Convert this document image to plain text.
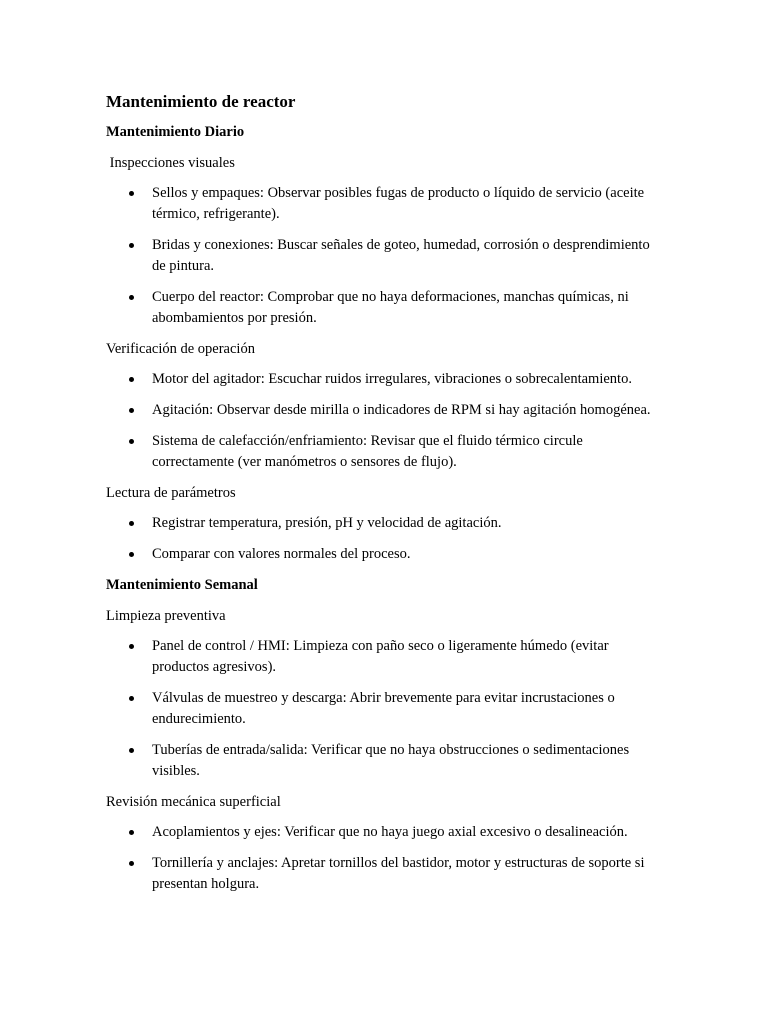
Mantenimiento de reactor
Mantenimiento Diario
Inspecciones visuales
Sellos y empaques: Observar posibles fugas de producto o líquido de servicio (aceite térmico, refrigerante).
Bridas y conexiones: Buscar señales de goteo, humedad, corrosión o desprendimiento de pintura.
Cuerpo del reactor: Comprobar que no haya deformaciones, manchas químicas, ni abombamientos por presión.
Verificación de operación
Motor del agitador: Escuchar ruidos irregulares, vibraciones o sobrecalentamiento.
Agitación: Observar desde mirilla o indicadores de RPM si hay agitación homogénea.
Sistema de calefacción/enfriamiento: Revisar que el fluido térmico circule correctamente (ver manómetros o sensores de flujo).
Lectura de parámetros
Registrar temperatura, presión, pH y velocidad de agitación.
Comparar con valores normales del proceso.
Mantenimiento Semanal
Limpieza preventiva
Panel de control / HMI: Limpieza con paño seco o ligeramente húmedo (evitar productos agresivos).
Válvulas de muestreo y descarga: Abrir brevemente para evitar incrustaciones o endurecimiento.
Tuberías de entrada/salida: Verificar que no haya obstrucciones o sedimentaciones visibles.
Revisión mecánica superficial
Acoplamientos y ejes: Verificar que no haya juego axial excesivo o desalineación.
Tornillería y anclajes: Apretar tornillos del bastidor, motor y estructuras de soporte si presentan holgura.
